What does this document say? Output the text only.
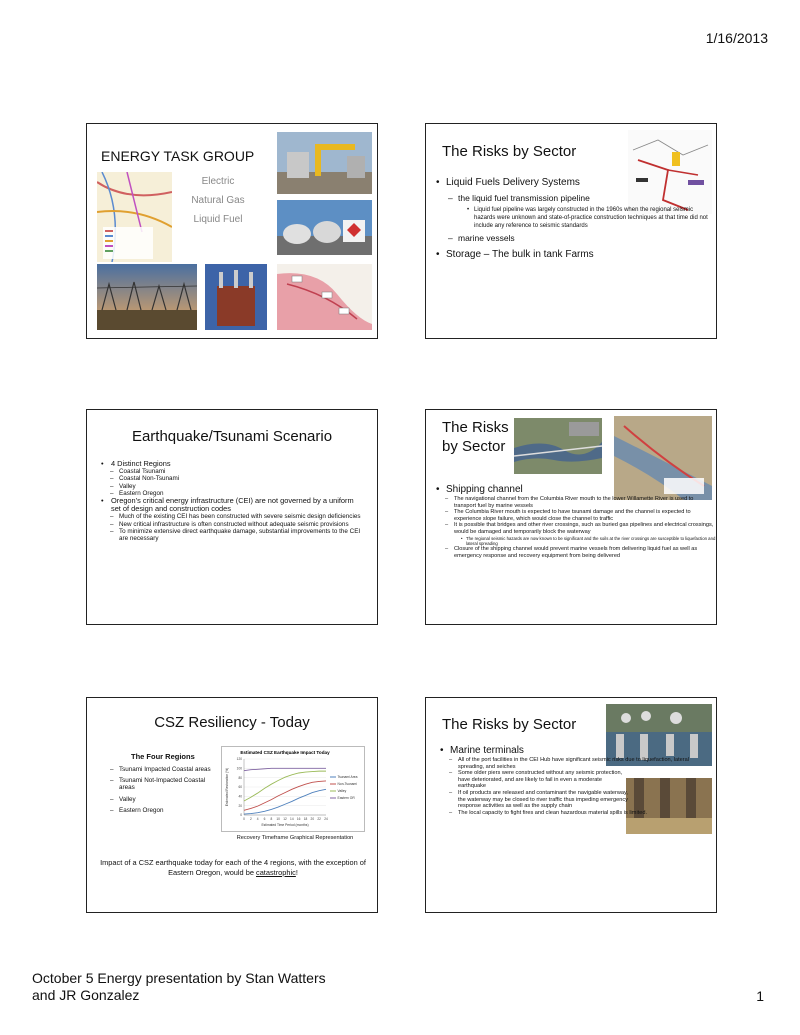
1/16/2013
ENERGY TASK GROUP
Electric
Natural Gas
Liquid Fuel
The Risks by Sector
• Liquid Fuels Delivery Systems
– the liquid fuel transmission pipeline
• Liquid fuel pipeline was largely constructed in the 1960s when the regional seismic hazards were unknown and state-of-practice construction techniques at that time did not include any reference to seismic standards
– marine vessels
• Storage – The bulk in tank Farms
Earthquake/Tsunami Scenario
• 4 Distinct Regions
– Coastal Tsunami
– Coastal Non-Tsunami
– Valley
– Eastern Oregon
• Oregon’s critical energy infrastructure (CEI) are not governed by a uniform set of design and construction codes
– Much of the existing CEI has been constructed with severe seismic design deficiencies
– New critical infrastructure is often constructed without adequate seismic provisions
– To minimize extensive direct earthquake damage, substantial improvements to the CEI are necessary
The Risks
by Sector
• Shipping channel
– The navigational channel from the Columbia River mouth to the lower Willamette River is used to transport fuel by marine vessels
– The Columbia River mouth is expected to have tsunami damage and the channel is expected to experience slope failure, which would close the channel to traffic
– It is possible that bridges and other river crossings, such as buried gas pipelines and electrical crossings, would be damaged and temporarily block the waterway
• The regional seismic hazards are now known to be significant and the soils at the river crossings are susceptible to liquefaction and lateral spreading
– Closure of the shipping channel would prevent marine vessels from delivering liquid fuel as well as emergency response and recovery equipment from being delivered
CSZ Resiliency - Today
The Four Regions
– Tsunami Impacted Coastal areas
– Tsunami Not-Impacted Coastal areas
– Valley
– Eastern Oregon
Estimated CSZ Earthquake Impact Today
0
20
40
60
80
100
120
0 2 4 6 8 10 12 14 16 18 20 22 24
Estimated Time Period (months)
Estimated Restoration (%)	Tsunami Area
Non-Tsunami
Valley
Eastern OR
Recovery Timeframe Graphical Representation
Impact of a CSZ earthquake today for each of the 4 regions, with the exception of Eastern Oregon, would be catastrophic!
The Risks by Sector
• Marine terminals
– All of the port facilities in the CEI Hub have significant seismic risks due to liquefaction, lateral spreading, and seiches
– Some older piers were constructed without any seismic protection, have deteriorated, and are likely to fail in even a moderate earthquake
– If oil products are released and contaminant the navigable waterway, the waterway may be closed to river traffic thus impeding emergency response activities as well as the supply chain
– The local capacity to fight fires and clean hazardous material spills is limited.
October 5 Energy presentation by Stan Watters and JR Gonzalez	1
